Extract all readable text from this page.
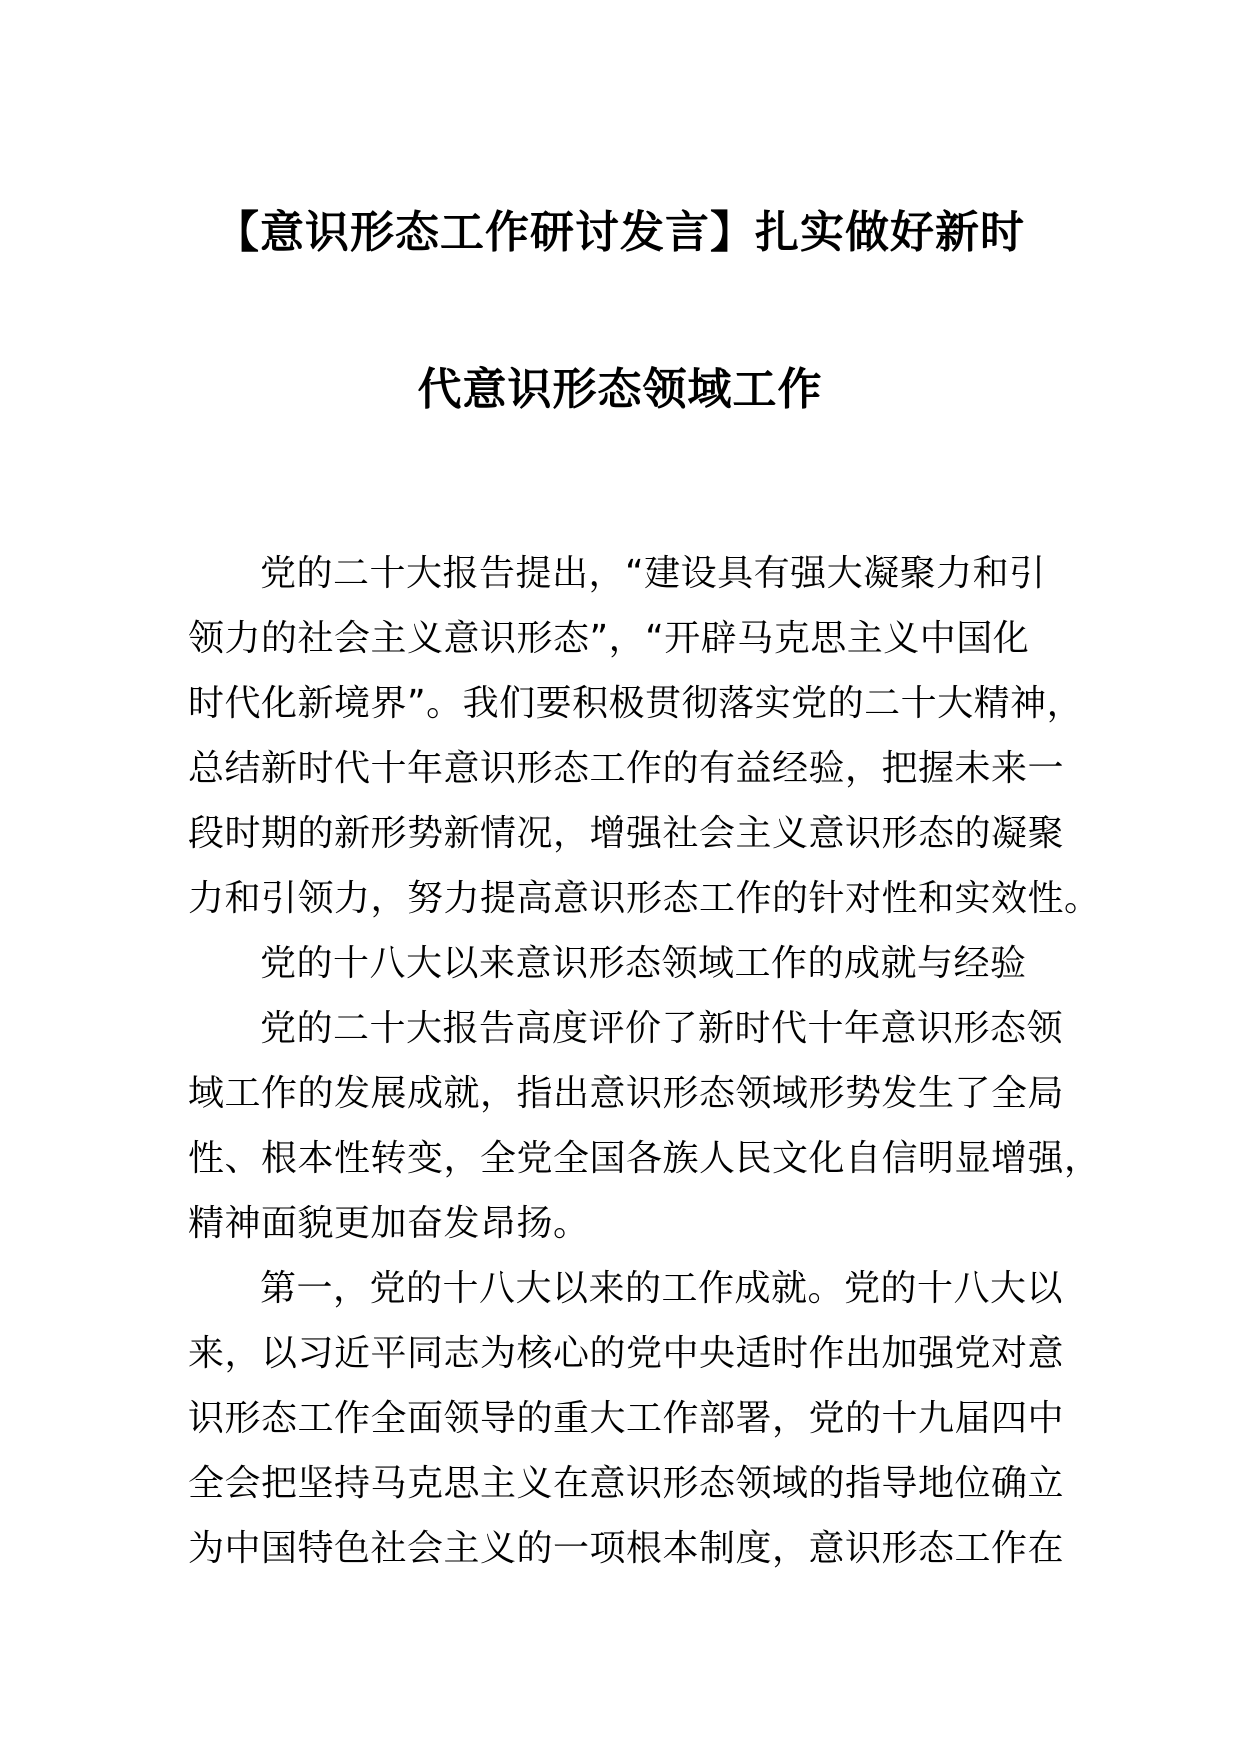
【意识形态工作研讨发言】扎实做好新时
代意识形态领域工作

党的二十大报告提出，“建设具有强大凝聚力和引
领力的社会主义意识形态”，“开辟马克思主义中国化
时代化新境界”。我们要积极贯彻落实党的二十大精神，
总结新时代十年意识形态工作的有益经验，把握未来一
段时期的新形势新情况，增强社会主义意识形态的凝聚
力和引领力，努力提高意识形态工作的针对性和实效性。

党的十八大以来意识形态领域工作的成就与经验

党的二十大报告高度评价了新时代十年意识形态领
域工作的发展成就，指出意识形态领域形势发生了全局
性、根本性转变，全党全国各族人民文化自信明显增强，
精神面貌更加奋发昂扬。

第一，党的十八大以来的工作成就。党的十八大以
来，以习近平同志为核心的党中央适时作出加强党对意
识形态工作全面领导的重大工作部署，党的十九届四中
全会把坚持马克思主义在意识形态领域的指导地位确立
为中国特色社会主义的一项根本制度，意识形态工作在
